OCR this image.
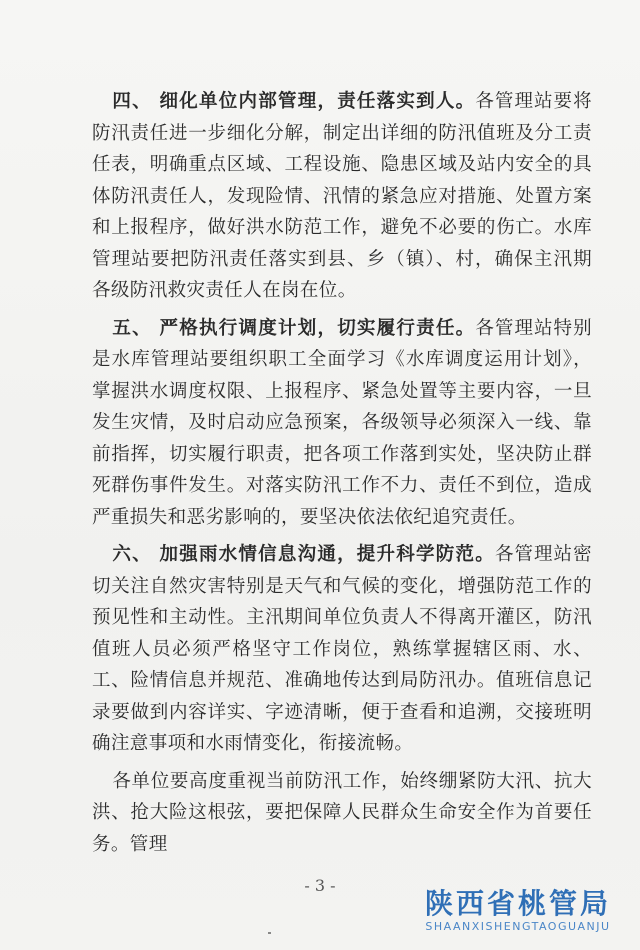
四、 细化单位内部管理，责任落实到人。各管理站要将防汛责任进一步细化分解，制定出详细的防汛值班及分工责任表，明确重点区域、工程设施、隐患区域及站内安全的具体防汛责任人，发现险情、汛情的紧急应对措施、处置方案和上报程序，做好洪水防范工作，避免不必要的伤亡。水库管理站要把防汛责任落实到县、乡（镇）、村，确保主汛期各级防汛救灾责任人在岗在位。

五、 严格执行调度计划，切实履行责任。各管理站特别是水库管理站要组织职工全面学习《水库调度运用计划》，掌握洪水调度权限、上报程序、紧急处置等主要内容，一旦发生灾情，及时启动应急预案，各级领导必须深入一线、靠前指挥，切实履行职责，把各项工作落到实处，坚决防止群死群伤事件发生。对落实防汛工作不力、责任不到位，造成严重损失和恶劣影响的，要坚决依法依纪追究责任。

六、 加强雨水情信息沟通，提升科学防范。各管理站密切关注自然灾害特别是天气和气候的变化，增强防范工作的预见性和主动性。主汛期间单位负责人不得离开灌区，防汛值班人员必须严格坚守工作岗位，熟练掌握辖区雨、水、工、险情信息并规范、准确地传达到局防汛办。值班信息记录要做到内容详实、字迹清晰，便于查看和追溯，交接班明确注意事项和水雨情变化，衔接流畅。

各单位要高度重视当前防汛工作，始终绷紧防大汛、抗大洪、抢大险这根弦，要把保障人民群众生命安全作为首要任务。管理

- 3 -
陕西省桃管局
SHAANXISHENGTAOGUANJU
